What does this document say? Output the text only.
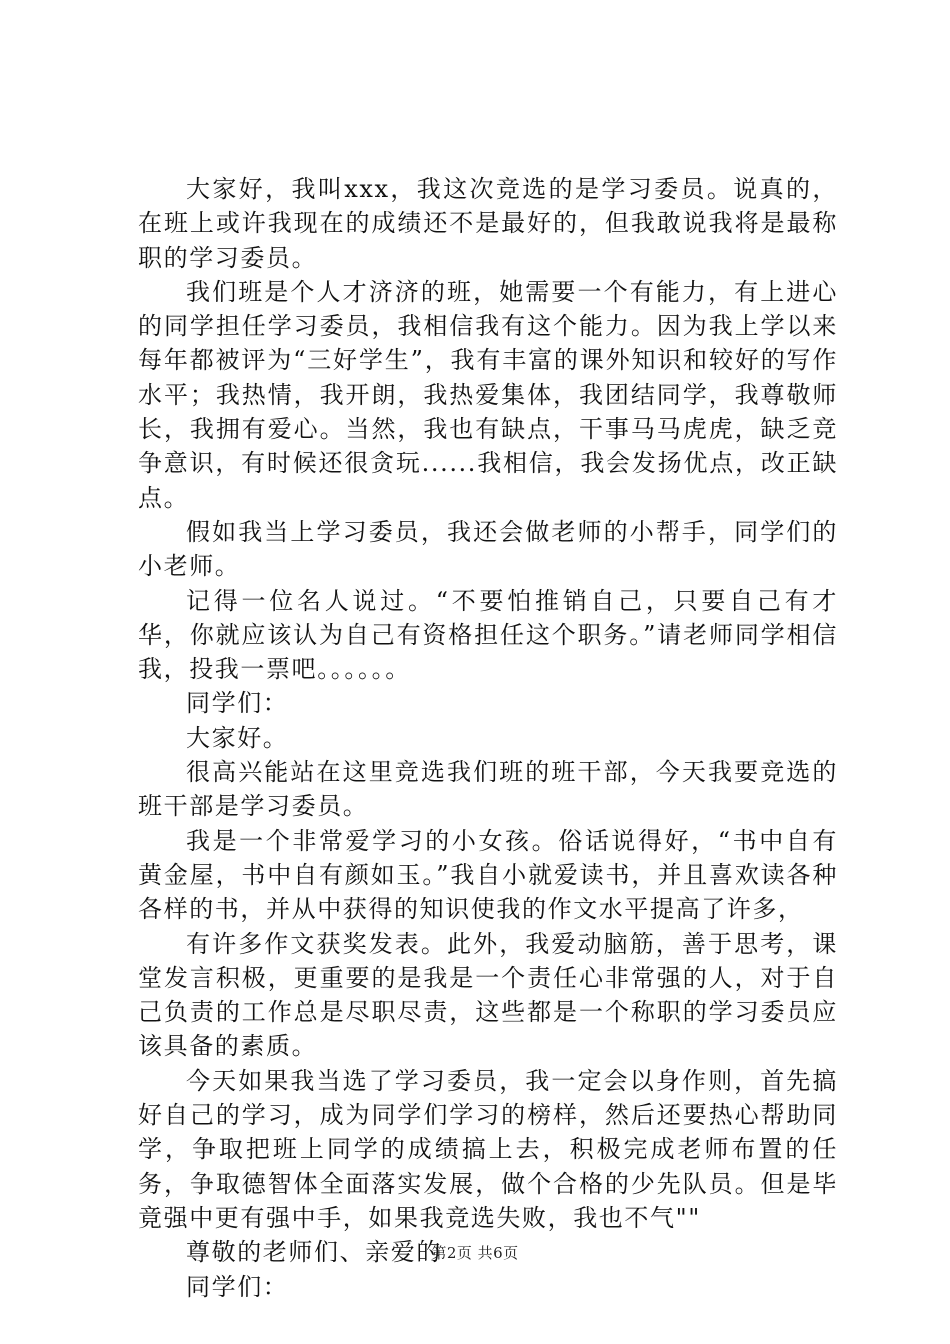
大家好，我叫xxx，我这次竞选的是学习委员。说真的，在班上或许我现在的成绩还不是最好的，但我敢说我将是最称职的学习委员。

我们班是个人才济济的班，她需要一个有能力，有上进心的同学担任学习委员，我相信我有这个能力。因为我上学以来每年都被评为“三好学生”，我有丰富的课外知识和较好的写作水平；我热情，我开朗，我热爱集体，我团结同学，我尊敬师长，我拥有爱心。当然，我也有缺点，干事马马虎虎，缺乏竞争意识，有时候还很贪玩......我相信，我会发扬优点，改正缺点。

假如我当上学习委员，我还会做老师的小帮手，同学们的小老师。

记得一位名人说过。“不要怕推销自己，只要自己有才华，你就应该认为自己有资格担任这个职务。”请老师同学相信我，投我一票吧。。。。。。

同学们：

大家好。

很高兴能站在这里竞选我们班的班干部，今天我要竞选的班干部是学习委员。

我是一个非常爱学习的小女孩。俗话说得好，“书中自有黄金屋，书中自有颜如玉。”我自小就爱读书，并且喜欢读各种各样的书，并从中获得的知识使我的作文水平提高了许多，

有许多作文获奖发表。此外，我爱动脑筋，善于思考，课堂发言积极，更重要的是我是一个责任心非常强的人，对于自己负责的工作总是尽职尽责，这些都是一个称职的学习委员应该具备的素质。

今天如果我当选了学习委员，我一定会以身作则，首先搞好自己的学习，成为同学们学习的榜样，然后还要热心帮助同学，争取把班上同学的成绩搞上去，积极完成老师布置的任务，争取德智体全面落实发展，做个合格的少先队员。但是毕竟强中更有强中手，如果我竞选失败，我也不气""

尊敬的老师们、亲爱的

同学们：

第2页 共6页
